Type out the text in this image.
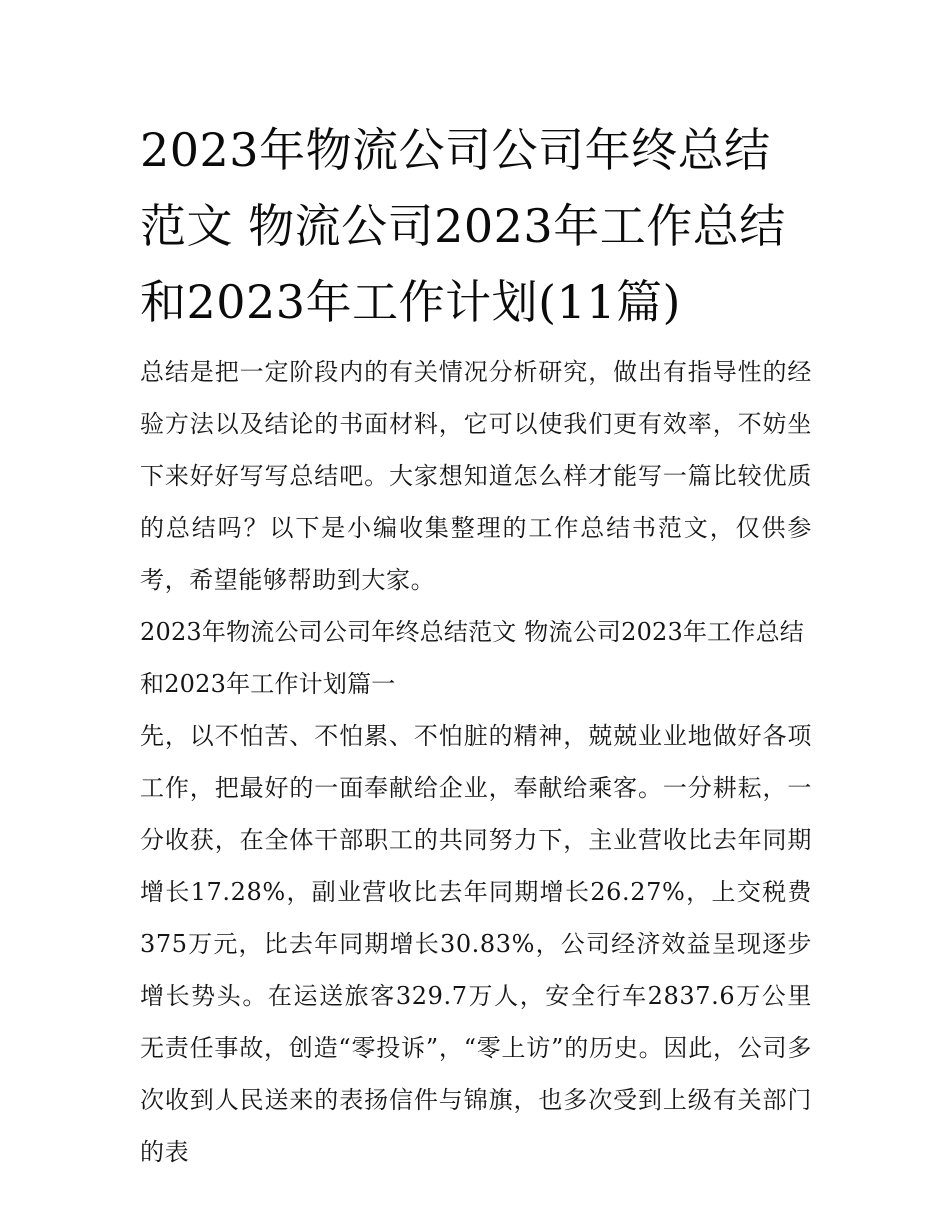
2023年物流公司公司年终总结范文 物流公司2023年工作总结和2023年工作计划(11篇)

总结是把一定阶段内的有关情况分析研究，做出有指导性的经验方法以及结论的书面材料，它可以使我们更有效率，不妨坐下来好好写写总结吧。大家想知道怎么样才能写一篇比较优质的总结吗？以下是小编收集整理的工作总结书范文，仅供参考，希望能够帮助到大家。

2023年物流公司公司年终总结范文 物流公司2023年工作总结和2023年工作计划篇一

先，以不怕苦、不怕累、不怕脏的精神，兢兢业业地做好各项工作，把最好的一面奉献给企业，奉献给乘客。一分耕耘，一分收获，在全体干部职工的共同努力下，主业营收比去年同期增长17.28%，副业营收比去年同期增长26.27%，上交税费375万元，比去年同期增长30.83%，公司经济效益呈现逐步增长势头。在运送旅客329.7万人，安全行车2837.6万公里无责任事故，创造“零投诉”，“零上访”的历史。因此，公司多次收到人民送来的表扬信件与锦旗，也多次受到上级有关部门的表
